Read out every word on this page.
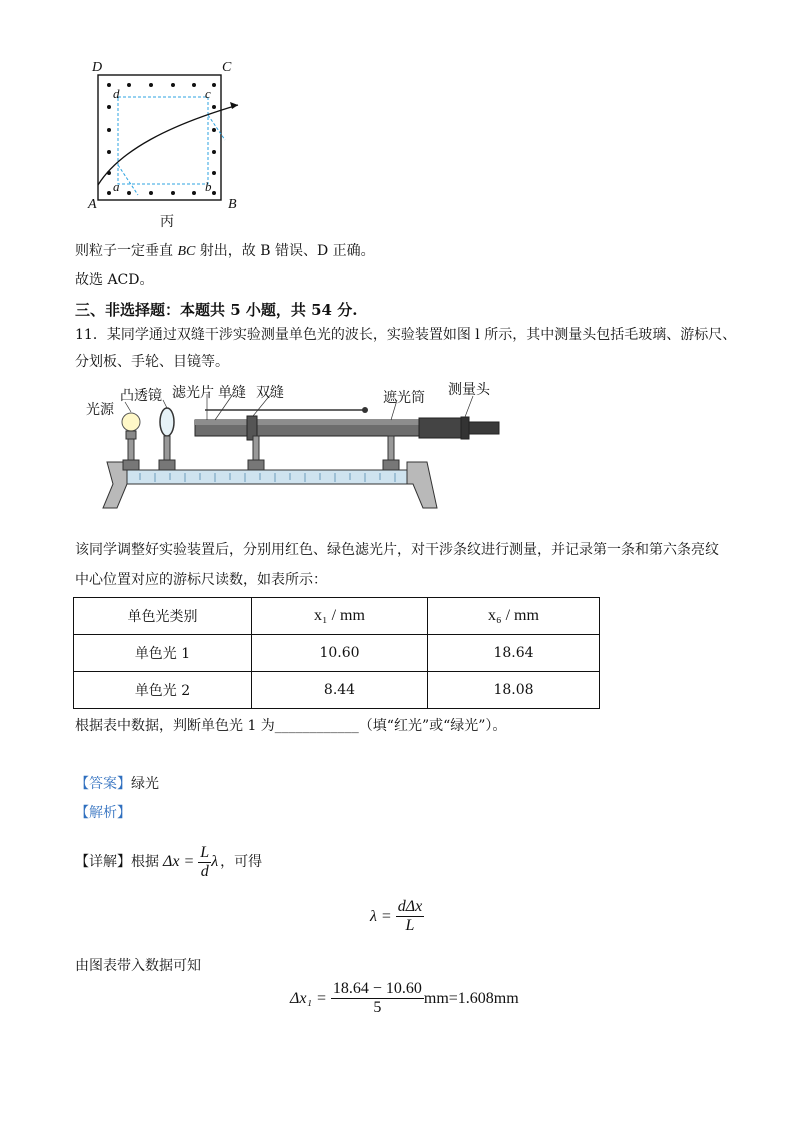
D	C
d	c
a	b
A	B
丙
则粒子一定垂直 BC 射出，故 B 错误、D 正确。
故选 ACD。
三、非选择题：本题共 5 小题，共 54 分.
11．某同学通过双缝干涉实验测量单色光的波长，实验装置如图 l 所示，其中测量头包括毛玻璃、游标尺、
分划板、手轮、目镜等。
光源
凸透镜 滤光片 单缝 双缝	遮光筒 测量头
该同学调整好实验装置后，分别用红色、绿色滤光片，对干涉条纹进行测量，并记录第一条和第六条亮纹
中心位置对应的游标尺读数，如表所示：
单色光类别	x₁ / mm	x₆ / mm
单色光 1	10.60	18.64
单色光 2	8.44	18.08
根据表中数据，判断单色光 1 为____________（填“红光”或“绿光”）。
【答案】绿光
【解析】
【详解】 根据 $\Delta x = \frac{L}{d}$ λ ，可得
$\lambda = \frac{\text{dΔx}}{L}$
由图表带入数据可知
$\Delta x_1 = \frac{18.64 - 10.60}{5} mm=1.608mm$
